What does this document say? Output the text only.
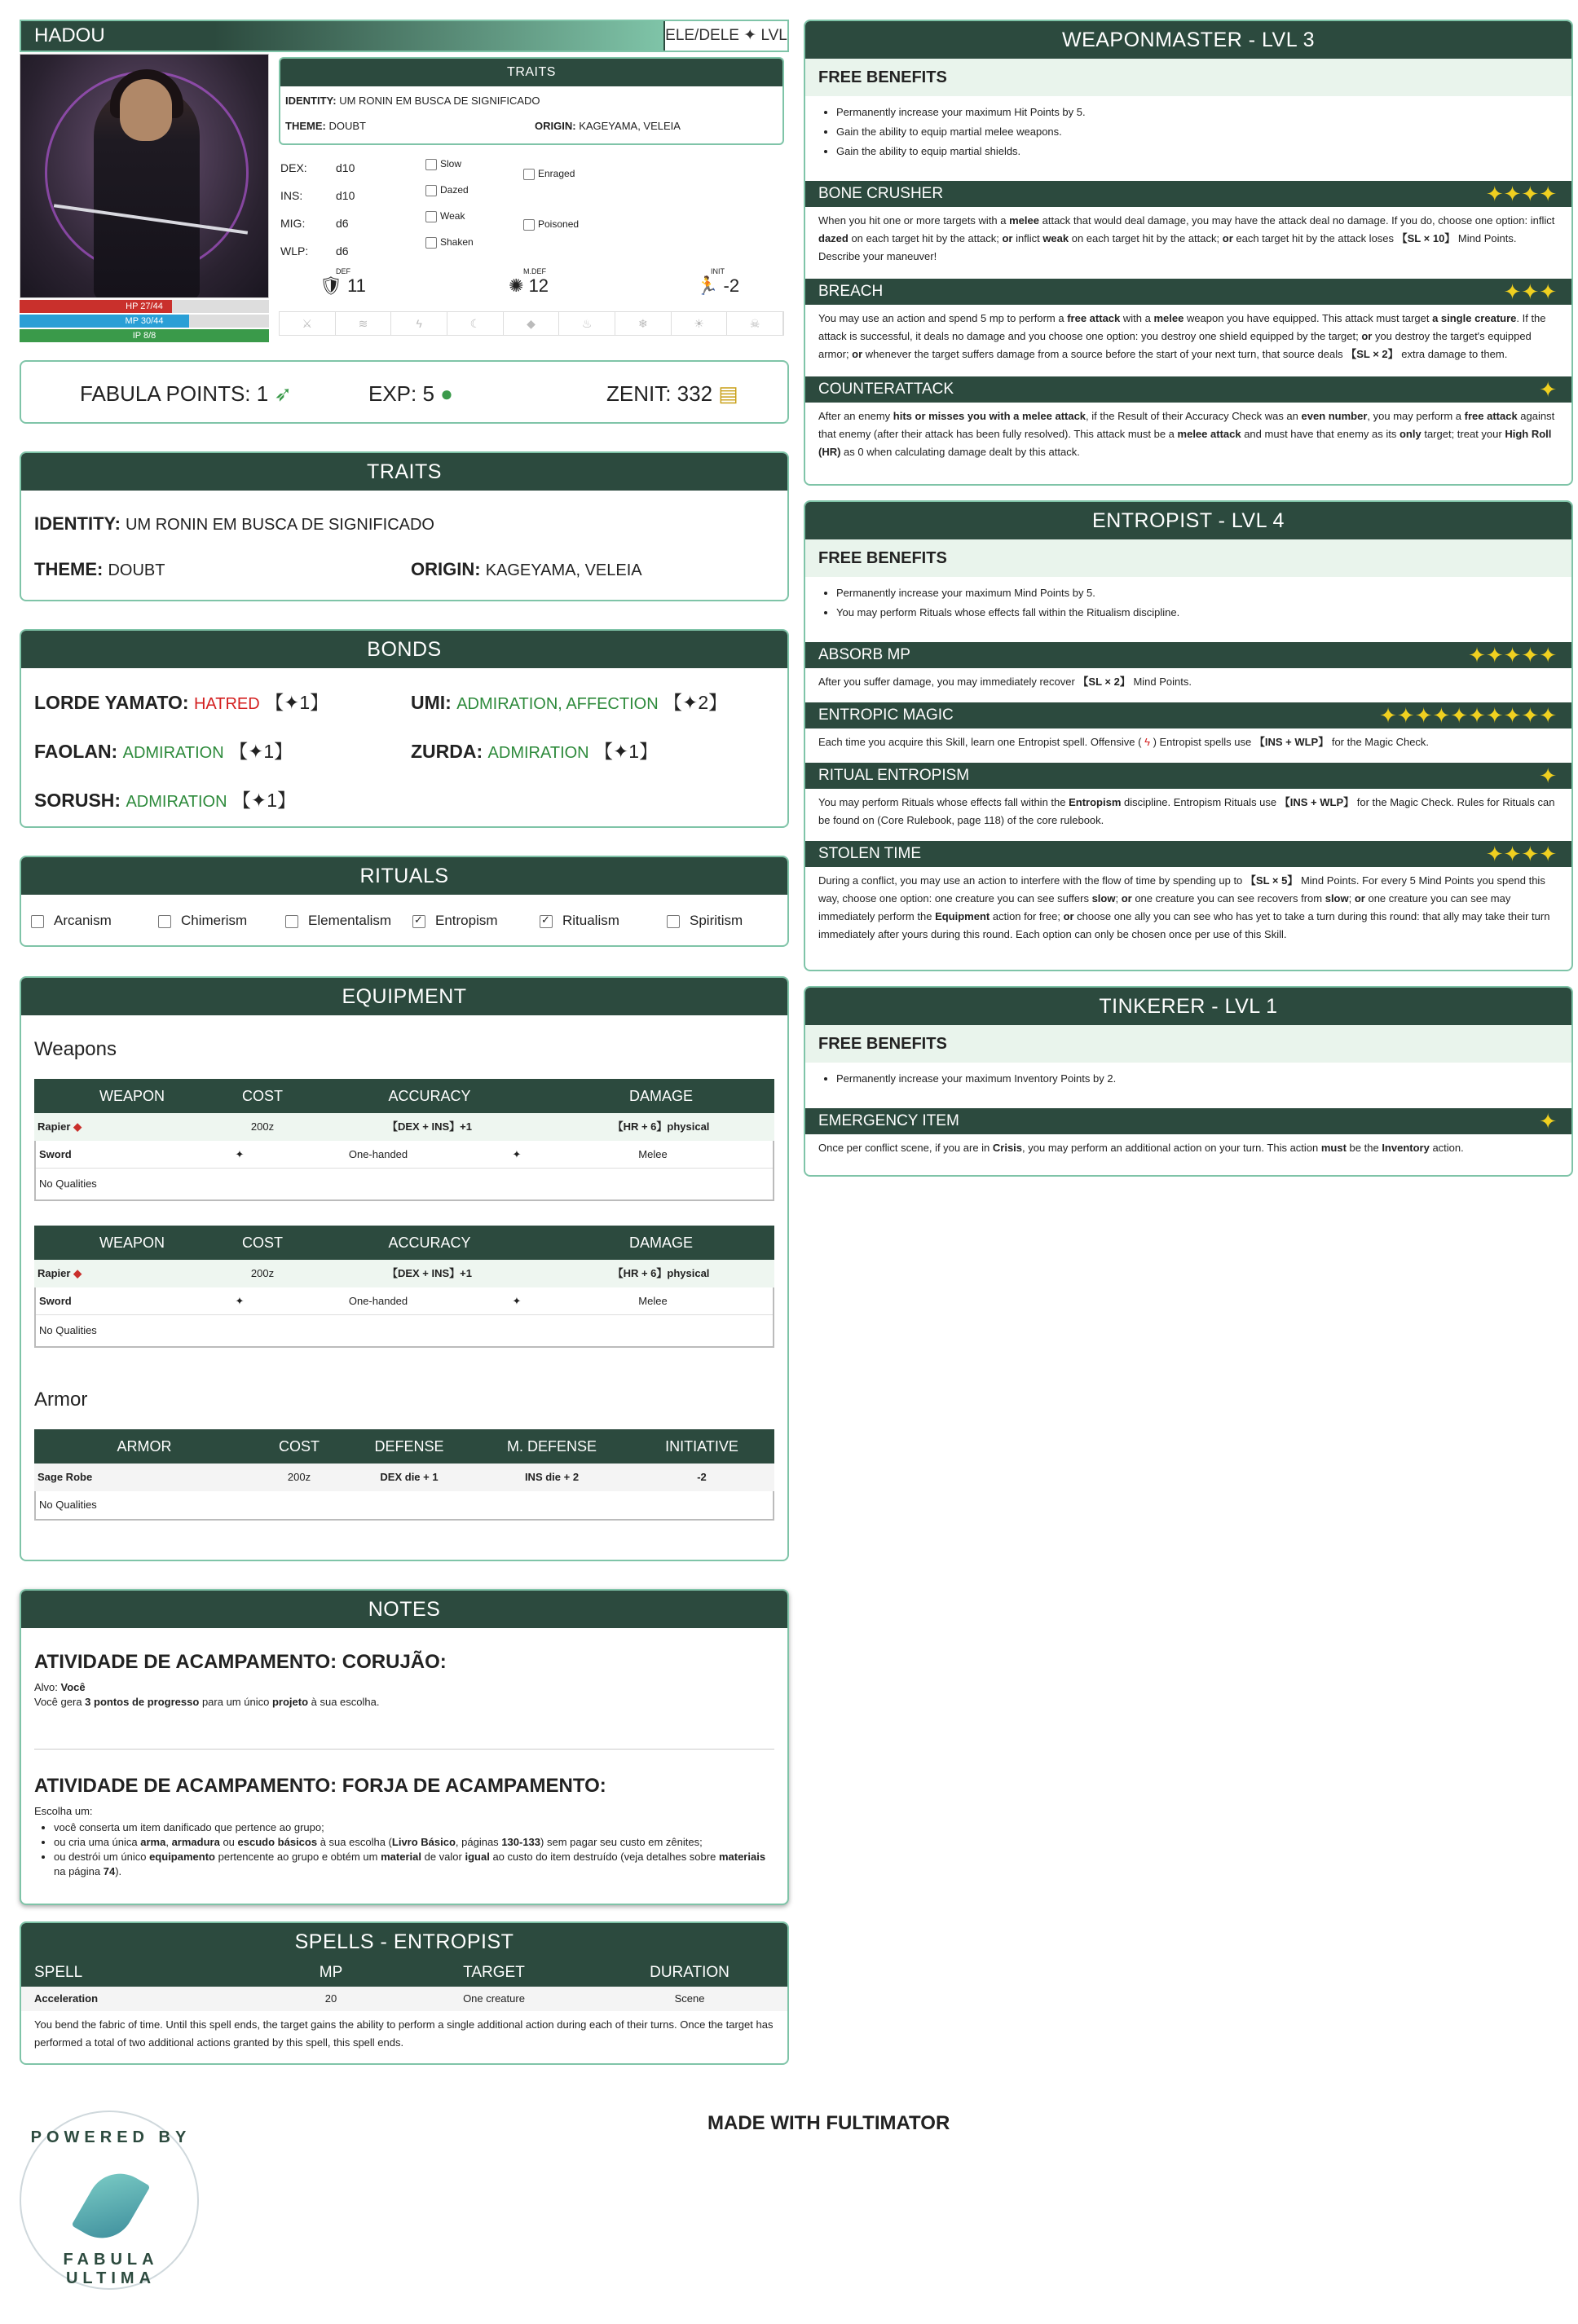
HADOU	ELE/DELE ✦ LVL
HP 27/44
MP 30/44
IP 8/8
TRAITS
IDENTITY: UM RONIN EM BUSCA DE SIGNIFICADO
THEME: DOUBT	ORIGIN: KAGEYAMA, VELEIA
DEX:	d10
INS:	d10
MIG:	d6
WLP: d6
Slow
Dazed
Weak
Shaken
Enraged
Poisoned
DEF
🛡 11
M.DEF
✺ 12
INIT
🏃 -2
⚔	≋	ϟ	☾	◆	♨	❄	☀	☠
FABULA POINTS: 1 ➶	EXP: 5 ●	ZENIT: 332 ▤
TRAITS
IDENTITY: UM RONIN EM BUSCA DE SIGNIFICADO
THEME: DOUBT	ORIGIN: KAGEYAMA, VELEIA
BONDS
LORDE YAMATO: HATRED 【✦1】	UMI: ADMIRATION, AFFECTION 【✦2】
FAOLAN: ADMIRATION 【✦1】	ZURDA: ADMIRATION 【✦1】
SORUSH: ADMIRATION 【✦1】
RITUALS
Arcanism	Chimerism	Elementalism ✓	Entropism ✓	Ritualism	Spiritism
EQUIPMENT
Weapons
WEAPON	COST	ACCURACY	DAMAGE
Rapier ◆	200z	【DEX + INS】+1	【HR + 6】physical
Sword	✦	One-handed	✦	Melee
No Qualities
WEAPON	COST	ACCURACY	DAMAGE
Rapier ◆	200z	【DEX + INS】+1	【HR + 6】physical
Sword	✦	One-handed	✦	Melee
No Qualities
Armor
ARMOR	COST	DEFENSE	M. DEFENSE	INITIATIVE
Sage Robe	200z	DEX die + 1	INS die + 2	-2
No Qualities
NOTES
ATIVIDADE DE ACAMPAMENTO: CORUJÃO:
Alvo: Você
Você gera 3 pontos de progresso para um único projeto à sua escolha.
ATIVIDADE DE ACAMPAMENTO: FORJA DE ACAMPAMENTO:
Escolha um:
• você conserta um item danificado que pertence ao grupo;
• ou cria uma única arma, armadura ou escudo básicos à sua escolha (Livro Básico, páginas 130-133) sem pagar seu custo em zênites;
• ou destrói um único equipamento pertencente ao grupo e obtém um material de valor igual ao custo do item destruído (veja detalhes sobre materiais na página 74).
SPELLS - ENTROPIST
SPELL	MP	TARGET	DURATION
Acceleration	20	One creature	Scene
You bend the fabric of time. Until this spell ends, the target gains the ability to perform a single additional action during each of their turns. Once the target has performed a total of two additional actions granted by this spell, this spell ends.
WEAPONMASTER - LVL 3
FREE BENEFITS
• Permanently increase your maximum Hit Points by 5.
• Gain the ability to equip martial melee weapons.
• Gain the ability to equip martial shields.
BONE CRUSHER	✦✦✦✦
When you hit one or more targets with a melee attack that would deal damage, you may have the attack deal no damage. If you do, choose one option: inflict dazed on each target hit by the attack; or inflict weak on each target hit by the attack; or each target hit by the attack loses 【SL × 10】 Mind Points. Describe your maneuver!
BREACH	✦✦✦
You may use an action and spend 5 mp to perform a free attack with a melee weapon you have equipped. This attack must target a single creature. If the attack is successful, it deals no damage and you choose one option: you destroy one shield equipped by the target; or you destroy the target's equipped armor; or whenever the target suffers damage from a source before the start of your next turn, that source deals 【SL × 2】 extra damage to them.
COUNTERATTACK	✦
After an enemy hits or misses you with a melee attack, if the Result of their Accuracy Check was an even number, you may perform a free attack against that enemy (after their attack has been fully resolved). This attack must be a melee attack and must have that enemy as its only target; treat your High Roll (HR) as 0 when calculating damage dealt by this attack.
ENTROPIST - LVL 4
FREE BENEFITS
• Permanently increase your maximum Mind Points by 5.
• You may perform Rituals whose effects fall within the Ritualism discipline.
ABSORB MP	✦✦✦✦✦
After you suffer damage, you may immediately recover 【SL × 2】 Mind Points.
ENTROPIC MAGIC	✦✦✦✦✦✦✦✦✦✦
Each time you acquire this Skill, learn one Entropist spell. Offensive ( ϟ ) Entropist spells use 【INS + WLP】 for the Magic Check.
RITUAL ENTROPISM	✦
You may perform Rituals whose effects fall within the Entropism discipline. Entropism Rituals use 【INS + WLP】 for the Magic Check. Rules for Rituals can be found on (Core Rulebook, page 118) of the core rulebook.
STOLEN TIME	✦✦✦✦
During a conflict, you may use an action to interfere with the flow of time by spending up to 【SL × 5】 Mind Points. For every 5 Mind Points you spend this way, choose one option: one creature you can see suffers slow; or one creature you can see recovers from slow; or one creature you can see may immediately perform the Equipment action for free; or choose one ally you can see who has yet to take a turn during this round: that ally may take their turn immediately after yours during this round. Each option can only be chosen once per use of this Skill.
TINKERER - LVL 1
FREE BENEFITS
• Permanently increase your maximum Inventory Points by 2.
EMERGENCY ITEM	✦
Once per conflict scene, if you are in Crisis, you may perform an additional action on your turn. This action must be the Inventory action.
MADE WITH FULTIMATOR
POWERED BY
FABULA ULTIMA
